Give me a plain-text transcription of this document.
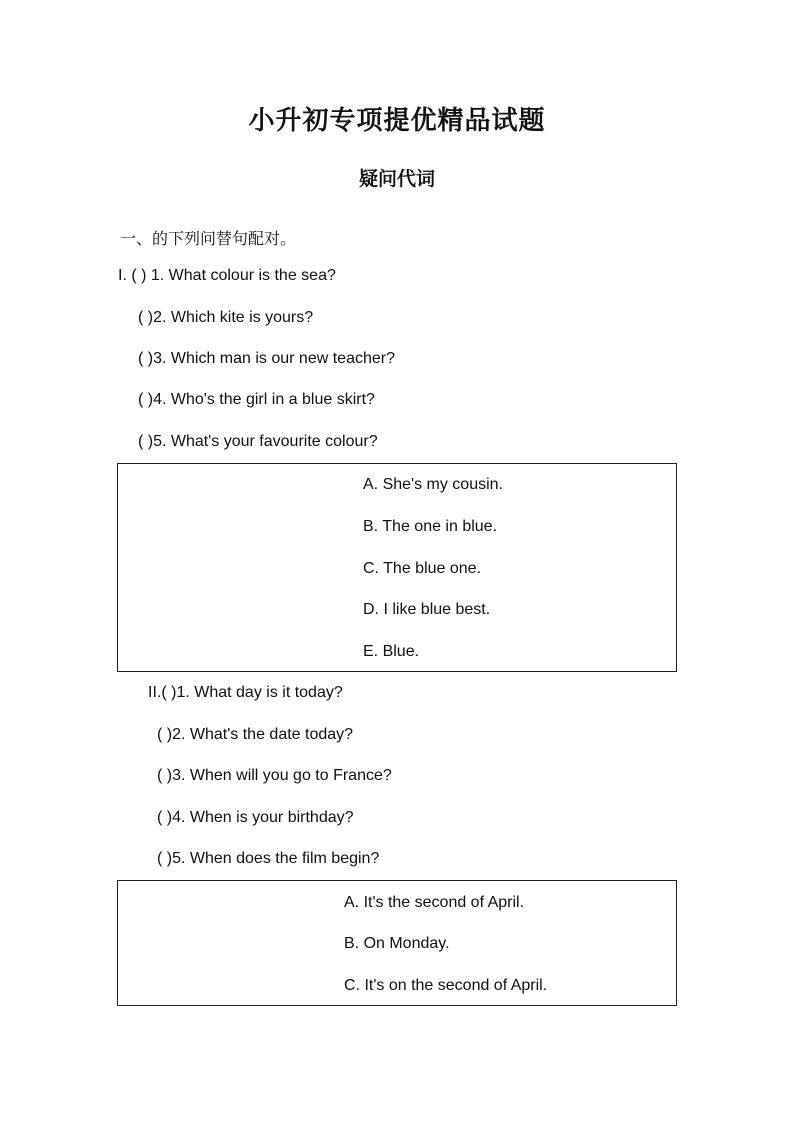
小升初专项提优精品试题
疑问代词
一、的下列问替句配对。
I. ( ) 1. What colour is the sea?
( )2. Which kite is yours?
( )3. Which man is our new teacher?
( )4. Who's the girl in a blue skirt?
( )5. What's your favourite colour?
A. She's my cousin.
B. The one in blue.
C. The blue one.
D. I like blue best.
E. Blue.
II.( )1. What day is it today?
( )2. What's the date today?
( )3. When will you go to France?
( )4. When is your birthday?
( )5. When does the film begin?
A. It's the second of April.
B. On Monday.
C. It's on the second of April.
